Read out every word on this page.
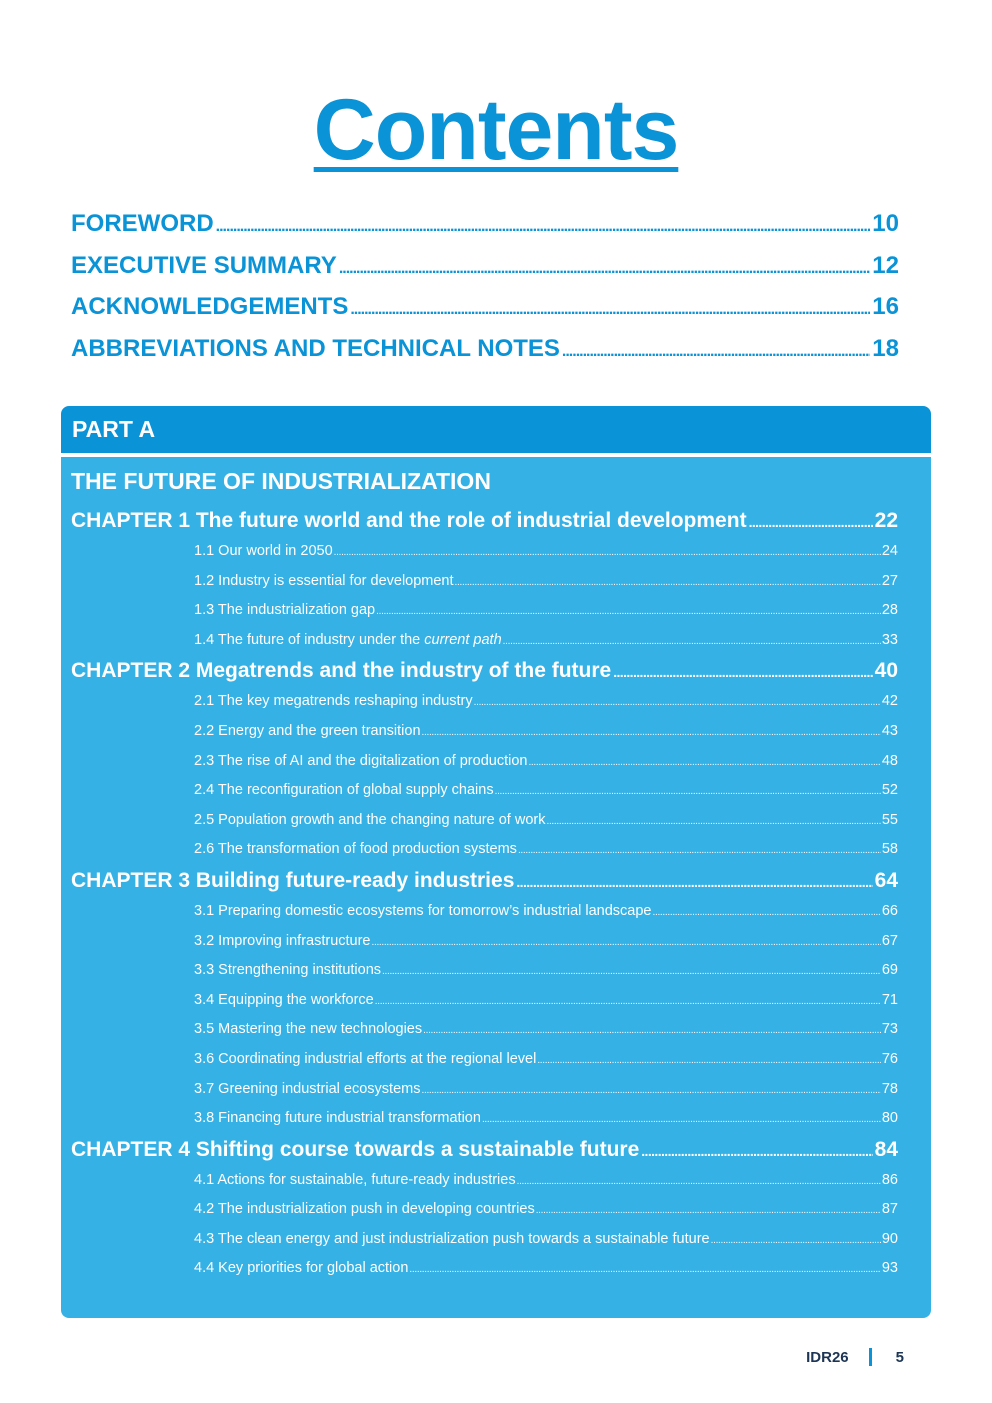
Contents
FOREWORD .....	10
EXECUTIVE SUMMARY .....	12
ACKNOWLEDGEMENTS .....	16
ABBREVIATIONS AND TECHNICAL NOTES .....	18
PART A
THE FUTURE OF INDUSTRIALIZATION
CHAPTER 1 The future world and the role of industrial development .....	22
1.1 Our world in 2050 .....	24
1.2 Industry is essential for development .....	27
1.3 The industrialization gap .....	28
1.4 The future of industry under the current path .....	33
CHAPTER 2 Megatrends and the industry of the future .....	40
2.1 The key megatrends reshaping industry .....	42
2.2 Energy and the green transition .....	43
2.3 The rise of AI and the digitalization of production .....	48
2.4 The reconfiguration of global supply chains .....	52
2.5 Population growth and the changing nature of work .....	55
2.6 The transformation of food production systems .....	58
CHAPTER 3 Building future-ready industries .....	64
3.1 Preparing domestic ecosystems for tomorrow’s industrial landscape .....	66
3.2 Improving infrastructure .....	67
3.3 Strengthening institutions .....	69
3.4 Equipping the workforce .....	71
3.5 Mastering the new technologies .....	73
3.6 Coordinating industrial efforts at the regional level .....	76
3.7 Greening industrial ecosystems .....	78
3.8 Financing future industrial transformation .....	80
CHAPTER 4 Shifting course towards a sustainable future .....	84
4.1 Actions for sustainable, future-ready industries .....	86
4.2 The industrialization push in developing countries .....	87
4.3 The clean energy and just industrialization push towards a sustainable future .....	90
4.4 Key priorities for global action .....	93
IDR26	5
